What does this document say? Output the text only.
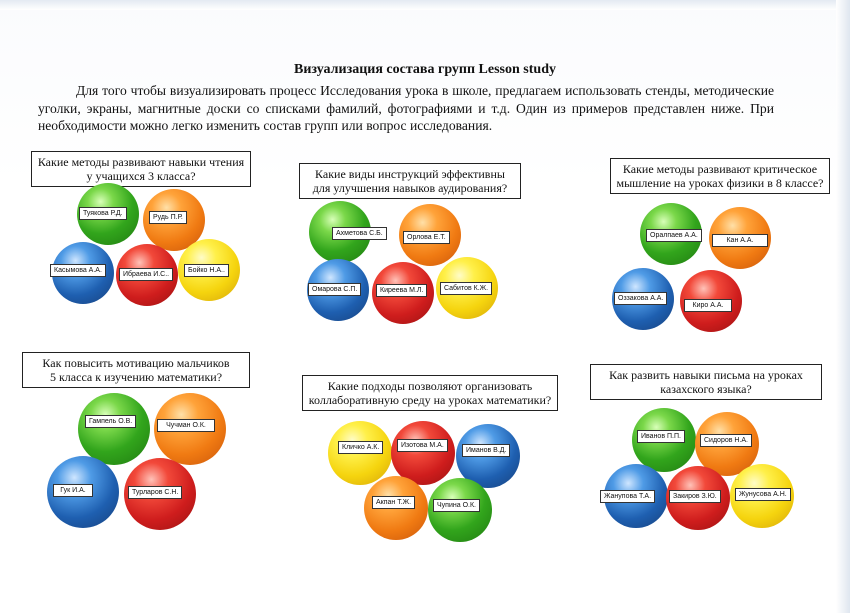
Визуализация состава групп Lesson study
Для того чтобы визуализировать процесс Исследования урока в школе, предлагаем использовать стенды, методические уголки, экраны, магнитные доски со списками фамилий, фотографиями и т.д. Один из примеров представлен ниже. При необходимости можно легко изменить состав групп или вопрос исследования.
Какие методы развивают навыки чтения
у учащихся 3 класса?
Туякова Р.Д.
Рудь П.Р.
Касымова А.А.
Ибраева И.С..
Бойко Н.А..
Какие виды инструкций эффективны
для улучшения навыков аудирования?
Ахметова С.Б.
Орлова Е.Т.
Омарова С.П.	Киреева М.Л.	Сабитов К.Ж.
Какие методы развивают критическое
мышление на уроках физики в 8 классе?
Оралпаев А.А.
Кан А.А.
Оззакова А.А.
Киро А.А.
Как повысить мотивацию мальчиков
5 класса к изучению математики?
Гампель О.В.
Чучман О.К.
Гук И.А.	Турларов С.Н.
Какие подходы позволяют организовать
коллаборативную среду на уроках математики?
Кличко А.К.	Изотова М.А.
Иманов В.Д.
Акпан Т.Ж.	Чупина О.К.
Как развить навыки письма на уроках
казахского языка?
Иванов П.П.
Сидоров Н.А.
Жанупова Т.А.	Закиров З.Ю.	Жунусова А.Н.
